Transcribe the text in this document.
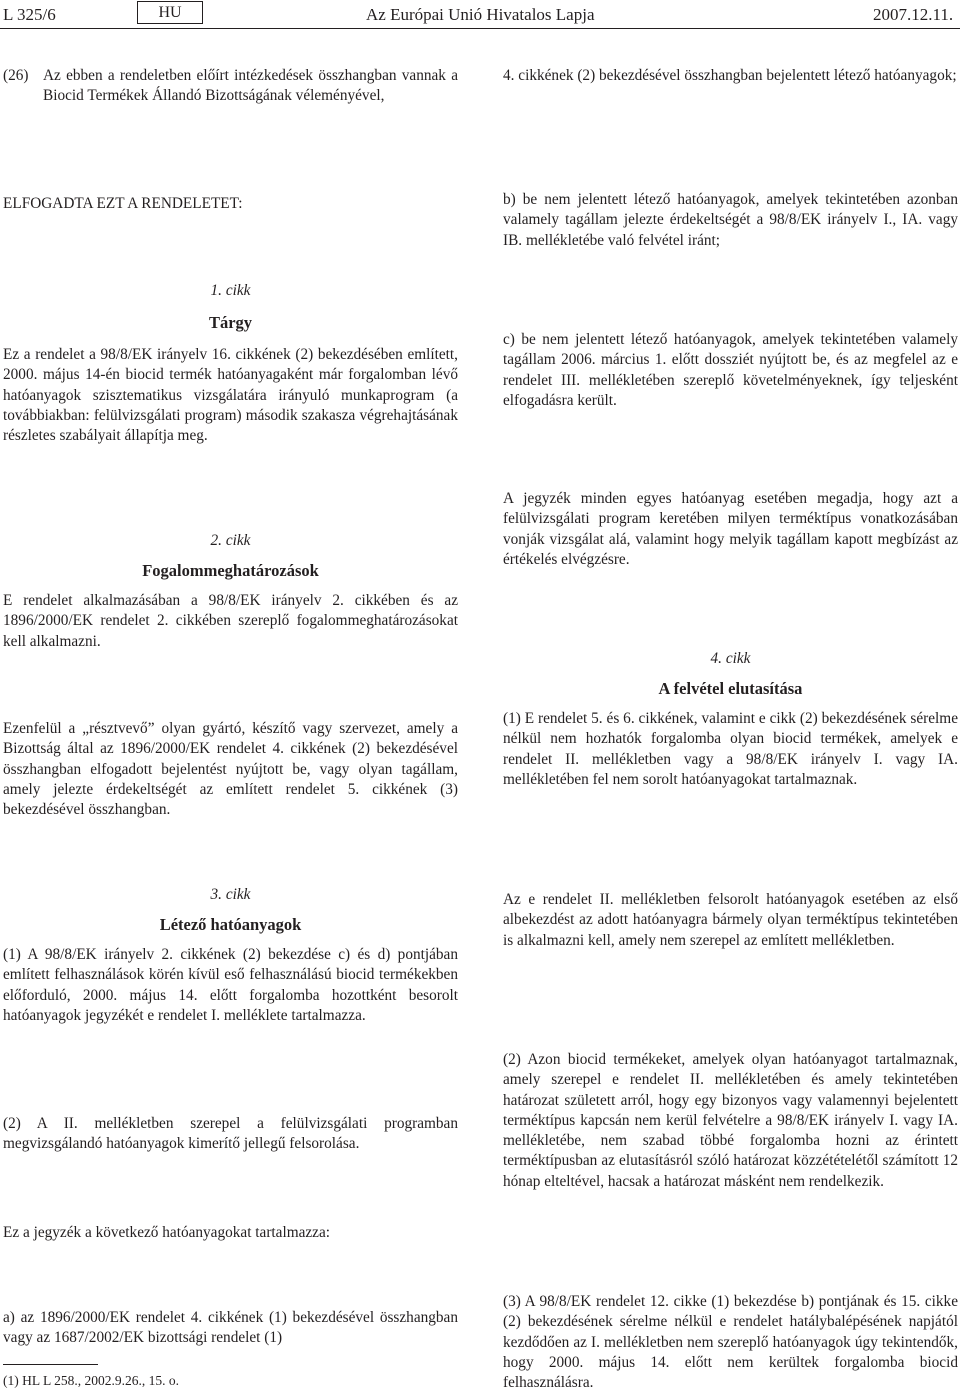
L 325/6	HU	Az Európai Unió Hivatalos Lapja	2007.12.11.
(26) Az ebben a rendeletben előírt intézkedések összhangban vannak a Biocid Termékek Állandó Bizottságának véleményével,

ELFOGADTA EZT A RENDELETET:

1. cikk

Tárgy

Ez a rendelet a 98/8/EK irányelv 16. cikkének (2) bekezdésében említett, 2000. május 14-én biocid termék hatóanyagaként már forgalomban lévő hatóanyagok szisztematikus vizsgálatára irányuló munkaprogram (a továbbiakban: felülvizsgálati program) második szakasza végrehajtásának részletes szabályait állapítja meg.

2. cikk

Fogalommeghatározások

E rendelet alkalmazásában a 98/8/EK irányelv 2. cikkében és az 1896/2000/EK rendelet 2. cikkében szereplő fogalommeghatározásokat kell alkalmazni.

Ezenfelül a „résztvevő” olyan gyártó, készítő vagy szervezet, amely a Bizottság által az 1896/2000/EK rendelet 4. cikkének (2) bekezdésével összhangban elfogadott bejelentést nyújtott be, vagy olyan tagállam, amely jelezte érdekeltségét az említett rendelet 5. cikkének (3) bekezdésével összhangban.

3. cikk

Létező hatóanyagok

(1) A 98/8/EK irányelv 2. cikkének (2) bekezdése c) és d) pontjában említett felhasználások körén kívül eső felhasználású biocid termékekben előforduló, 2000. május 14. előtt forgalomba hozottként besorolt hatóanyagok jegyzékét e rendelet I. melléklete tartalmazza.

(2) A II. mellékletben szerepel a felülvizsgálati programban megvizsgálandó hatóanyagok kimerítő jellegű felsorolása.

Ez a jegyzék a következő hatóanyagokat tartalmazza:

a) az 1896/2000/EK rendelet 4. cikkének (1) bekezdésével összhangban vagy az 1687/2002/EK bizottsági rendelet (1)

(1) HL L 258., 2002.9.26., 15. o.

4. cikkének (2) bekezdésével összhangban bejelentett létező hatóanyagok;

b) be nem jelentett létező hatóanyagok, amelyek tekintetében azonban valamely tagállam jelezte érdekeltségét a 98/8/EK irányelv I., IA. vagy IB. mellékletébe való felvétel iránt;

c) be nem jelentett létező hatóanyagok, amelyek tekintetében valamely tagállam 2006. március 1. előtt dossziét nyújtott be, és az megfelel az e rendelet III. mellékletében szereplő követelményeknek, így teljesként elfogadásra került.

A jegyzék minden egyes hatóanyag esetében megadja, hogy azt a felülvizsgálati program keretében milyen terméktípus vonatkozásában vonják vizsgálat alá, valamint hogy melyik tagállam kapott megbízást az értékelés elvégzésre.

4. cikk

A felvétel elutasítása

(1) E rendelet 5. és 6. cikkének, valamint e cikk (2) bekezdésének sérelme nélkül nem hozhatók forgalomba olyan biocid termékek, amelyek e rendelet II. mellékletben vagy a 98/8/EK irányelv I. vagy IA. mellékletében fel nem sorolt hatóanyagokat tartalmaznak.

Az e rendelet II. mellékletben felsorolt hatóanyagok esetében az első albekezdést az adott hatóanyagra bármely olyan terméktípus tekintetében is alkalmazni kell, amely nem szerepel az említett mellékletben.

(2) Azon biocid termékeket, amelyek olyan hatóanyagot tartalmaznak, amely szerepel e rendelet II. mellékletében és amely tekintetében határozat született arról, hogy egy bizonyos vagy valamennyi bejelentett terméktípus kapcsán nem kerül felvételre a 98/8/EK irányelv I. vagy IA. mellékletébe, nem szabad többé forgalomba hozni az érintett terméktípusban az elutasításról szóló határozat közzétételétől számított 12 hónap elteltével, hacsak a határozat másként nem rendelkezik.

(3) A 98/8/EK rendelet 12. cikke (1) bekezdése b) pontjának és 15. cikke (2) bekezdésének sérelme nélkül e rendelet hatálybalépésének napjától kezdődően az I. mellékletben nem szereplő hatóanyagok úgy tekintendők, hogy 2000. május 14. előtt nem kerültek forgalomba biocid felhasználásra.
